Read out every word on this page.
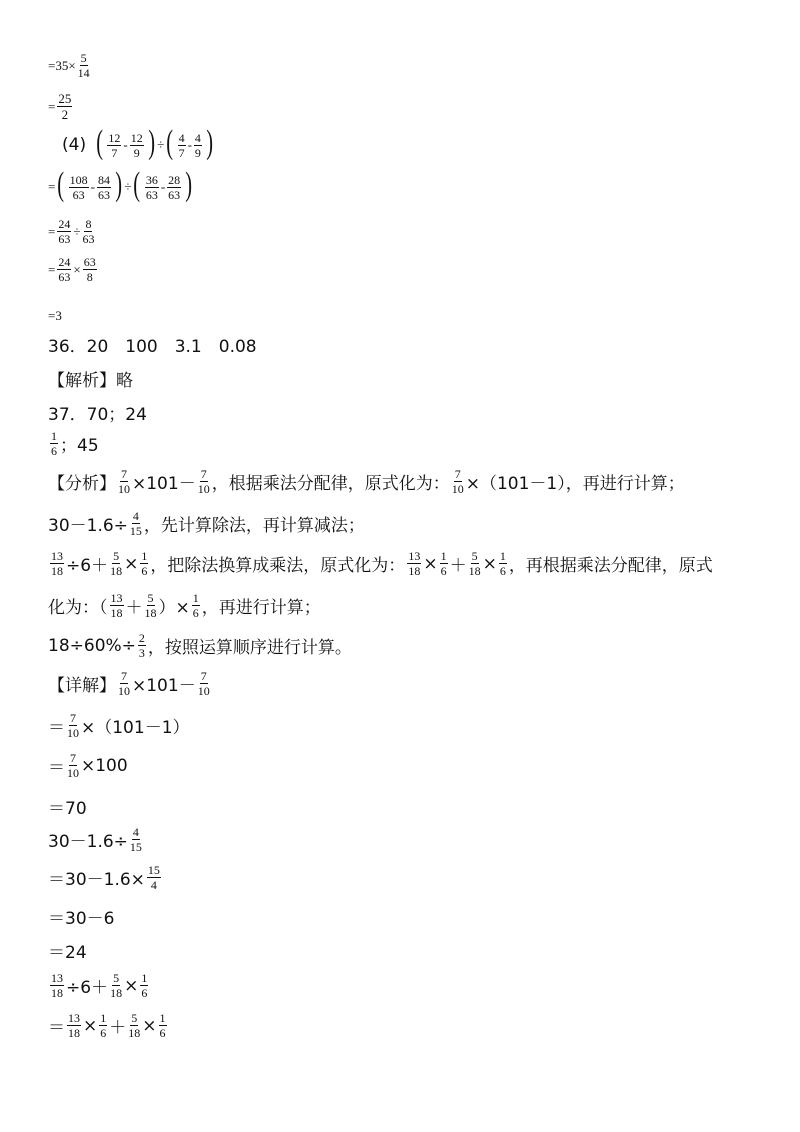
$=35\times \frac{5}{14}$
= $\frac{25}{2}$
(4) ( $\frac{12}{7} - \frac{12}{9}$ ) ÷ ( $\frac{4}{7} - \frac{4}{9}$ )
= ( $\frac{108}{63} - \frac{84}{63}$ ) ÷ ( $\frac{36}{63} - \frac{28}{63}$ )
= $\frac{24}{63} \div \frac{8}{63}$
= $\frac{24}{63} \times \frac{63}{8}$
=3
36．20　100　3.1　0.08
【解析】略
37．70；24
$\frac{1}{6}$ ；45
【分析】 $\frac{7}{10} \times 101- \frac{7}{10}$ ，根据乘法分配律，原式化为： $\frac{7}{10} \times(101-1)$，再进行计算；
$30-1.6\div \frac{4}{15}$ ，先计算除法，再计算减法；
$\frac{13}{18} \div 6+ \frac{5}{18} \times \frac{1}{6}$ ，把除法换算成乘法，原式化为： $\frac{13}{18} \times \frac{1}{6} + \frac{5}{18} \times \frac{1}{6}$ ，再根据乘法分配律，原式
化为：（ $\frac{13}{18} + \frac{5}{18}$ ）× $\frac{1}{6}$ ，再进行计算；
$18\div 60\%\div \frac{2}{3}$ ，按照运算顺序进行计算。
【详解】 $\frac{7}{10} \times 101- \frac{7}{10}$
＝ $\frac{7}{10} \times(101-1)$
＝ $\frac{7}{10} \times 100$
＝70
$30-1.6\div \frac{4}{15}$
$=30-1.6\times \frac{15}{4}$
＝30－6
＝24
$\frac{13}{18} \div 6+ \frac{5}{18} \times \frac{1}{6}$
＝ $\frac{13}{18} \times \frac{1}{6} + \frac{5}{18} \times \frac{1}{6}$
